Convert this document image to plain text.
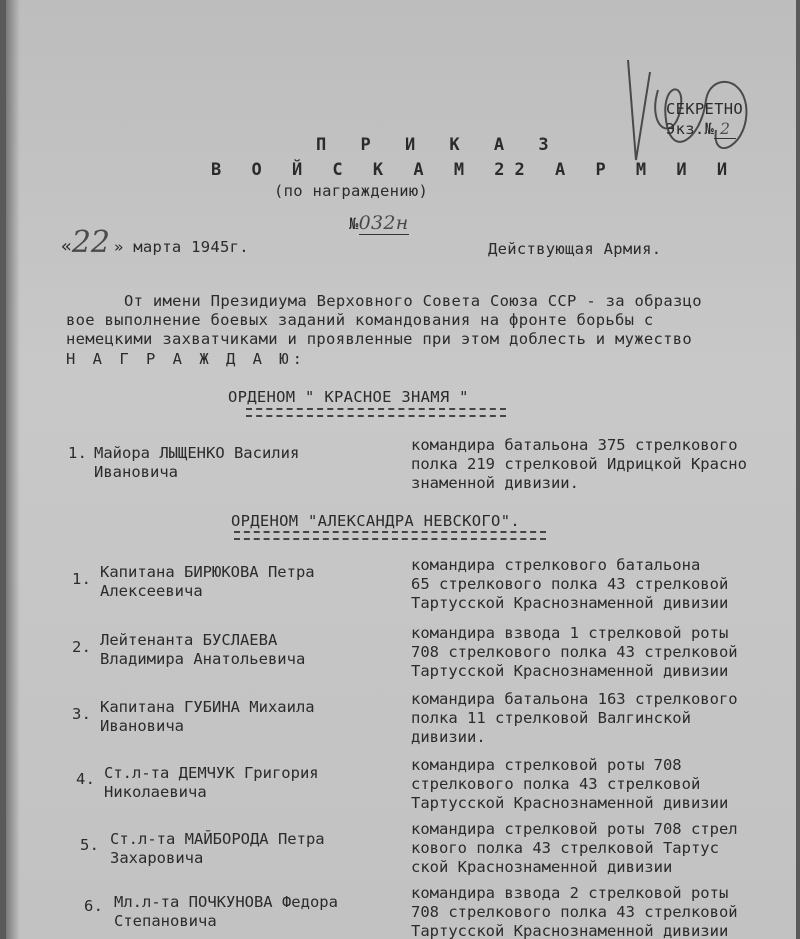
СЕКРЕТНО
Экз.№ 2
П Р И К А З
В О Й С К А М 22 А Р М И И
(по награждению)
№032н
«22 » марта 1945г.	Действующая Армия.
От имени Президиума Верховного Совета Союза ССР - за образцо
вое выполнение боевых заданий командования на фронте борьбы с
немецкими захватчиками и проявленные при этом доблесть и мужество
Н А Г Р А Ж Д А Ю:
ОРДЕНОМ " КРАСНОЕ ЗНАМЯ "
1. Майора ЛЫЩЕНКО Василия
Ивановича
командира батальона 375 стрелкового
полка 219 стрелковой Идрицкой Красно
знаменной дивизии.
ОРДЕНОМ "АЛЕКСАНДРА НЕВСКОГО".
1. Капитана БИРЮКОВА Петра
Алексеевича
командира стрелкового батальона
65 стрелкового полка 43 стрелковой
Тартусской Краснознаменной дивизии
2. Лейтенанта БУСЛАЕВА
Владимира Анатольевича
командира взвода 1 стрелковой роты
708 стрелкового полка 43 стрелковой
Тартусской Краснознаменной дивизии
3. Капитана ГУБИНА Михаила
Ивановича
командира батальона 163 стрелкового
полка 11 стрелковой Валгинской
дивизии.
4. Ст.л-та ДЕМЧУК Григория
Николаевича
командира стрелковой роты 708
стрелкового полка 43 стрелковой
Тартусской Краснознаменной дивизии
5. Ст.л-та МАЙБОРОДА Петра
Захаровича
командира стрелковой роты 708 стрел
кового полка 43 стрелковой Тартус
ской Краснознаменной дивизии
6. Мл.л-та ПОЧКУНОВА Федора
Степановича
командира взвода 2 стрелковой роты
708 стрелкового полка 43 стрелковой
Тартусской Краснознаменной дивизии
